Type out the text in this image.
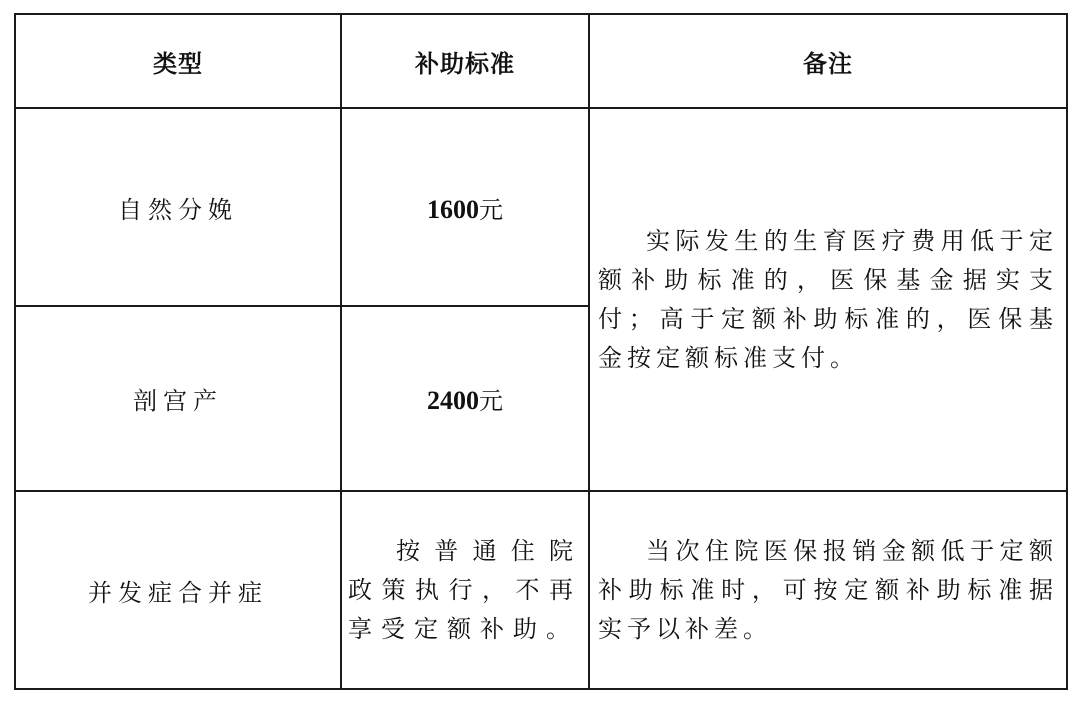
类型	补助标准	备注
自然分娩	1600元	实际发生的生育医疗费用低于定额补助标准的，医保基金据实支付；高于定额补助标准的，医保基金按定额标准支付。

剖宫产	2400元	
并发症合并症	按普通住院政策执行，不再享受定额补助。	当次住院医保报销金额低于定额补助标准时，可按定额补助标准据实予以补差。
